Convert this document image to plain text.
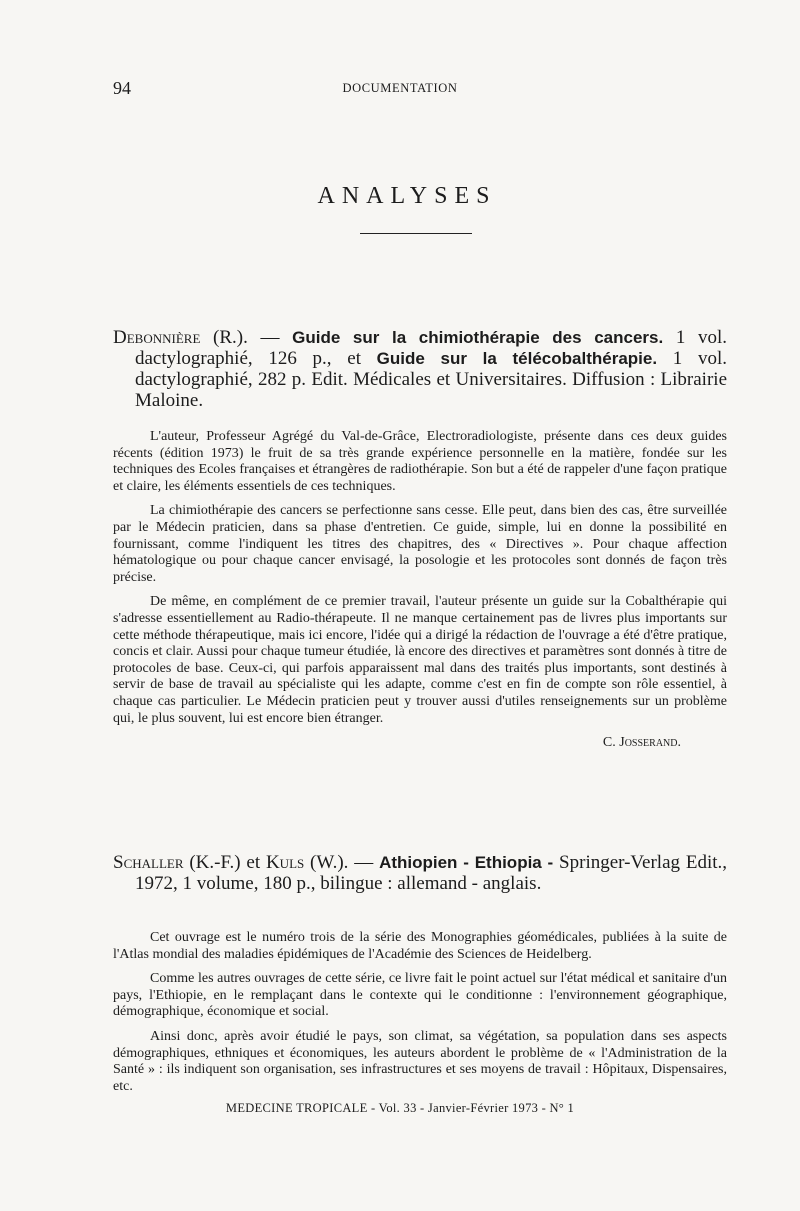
94	DOCUMENTATION
ANALYSES

Debonnière (R.). — Guide sur la chimiothérapie des cancers. 1 vol. dactylographié, 126 p., et Guide sur la télécobalthérapie. 1 vol. dactylographié, 282 p. Edit. Médicales et Universitaires. Diffusion : Librairie Maloine.

L'auteur, Professeur Agrégé du Val-de-Grâce, Electroradiologiste, présente dans ces deux guides récents (édition 1973) le fruit de sa très grande expérience personnelle en la matière, fondée sur les techniques des Ecoles françaises et étrangères de radiothérapie. Son but a été de rappeler d'une façon pratique et claire, les éléments essentiels de ces techniques.

La chimiothérapie des cancers se perfectionne sans cesse. Elle peut, dans bien des cas, être surveillée par le Médecin praticien, dans sa phase d'entretien. Ce guide, simple, lui en donne la possibilité en fournissant, comme l'indiquent les titres des chapitres, des « Directives ». Pour chaque affection hématologique ou pour chaque cancer envisagé, la posologie et les protocoles sont donnés de façon très précise.

De même, en complément de ce premier travail, l'auteur présente un guide sur la Cobalthérapie qui s'adresse essentiellement au Radio-thérapeute. Il ne manque certainement pas de livres plus importants sur cette méthode thérapeutique, mais ici encore, l'idée qui a dirigé la rédaction de l'ouvrage a été d'être pratique, concis et clair. Aussi pour chaque tumeur étudiée, là encore des directives et paramètres sont donnés à titre de protocoles de base. Ceux-ci, qui parfois apparaissent mal dans des traités plus importants, sont destinés à servir de base de travail au spécialiste qui les adapte, comme c'est en fin de compte son rôle essentiel, à chaque cas particulier. Le Médecin praticien peut y trouver aussi d'utiles renseignements sur un problème qui, le plus souvent, lui est encore bien étranger.

C. Josserand.

Schaller (K.-F.) et Kuls (W.). — Athiopien - Ethiopia - Springer-Verlag Edit., 1972, 1 volume, 180 p., bilingue : allemand - anglais.

Cet ouvrage est le numéro trois de la série des Monographies géomédicales, publiées à la suite de l'Atlas mondial des maladies épidémiques de l'Académie des Sciences de Heidelberg.

Comme les autres ouvrages de cette série, ce livre fait le point actuel sur l'état médical et sanitaire d'un pays, l'Ethiopie, en le remplaçant dans le contexte qui le conditionne : l'environnement géographique, démographique, économique et social.

Ainsi donc, après avoir étudié le pays, son climat, sa végétation, sa population dans ses aspects démographiques, ethniques et économiques, les auteurs abordent le problème de « l'Administration de la Santé » : ils indiquent son organisation, ses infrastructures et ses moyens de travail : Hôpitaux, Dispensaires, etc.

MEDECINE TROPICALE - Vol. 33 - Janvier-Février 1973 - N° 1
